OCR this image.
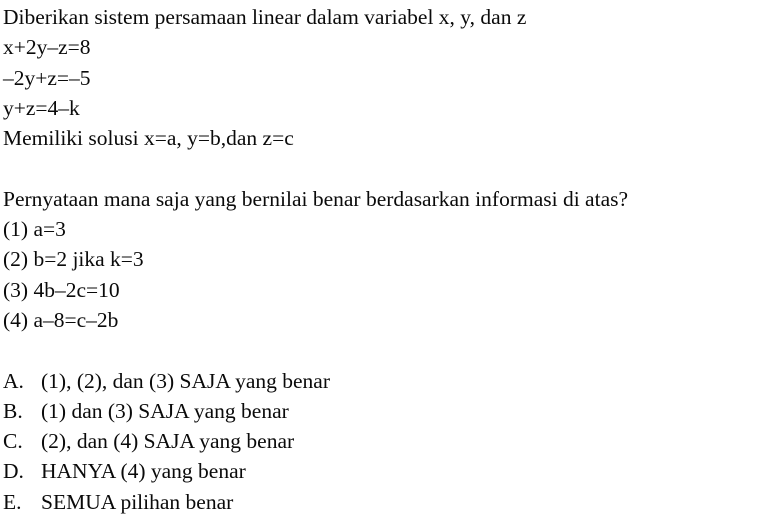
Diberikan sistem persamaan linear dalam variabel x, y, dan z
x+2y–z=8
–2y+z=–5
y+z=4–k
Memiliki solusi x=a, y=b,dan z=c
Pernyataan mana saja yang bernilai benar berdasarkan informasi di atas?
(1) a=3
(2) b=2 jika k=3
(3) 4b–2c=10
(4) a–8=c–2b
A. (1), (2), dan (3) SAJA yang benar
B. (1) dan (3) SAJA yang benar
C. (2), dan (4) SAJA yang benar
D. HANYA (4) yang benar
E. SEMUA pilihan benar
